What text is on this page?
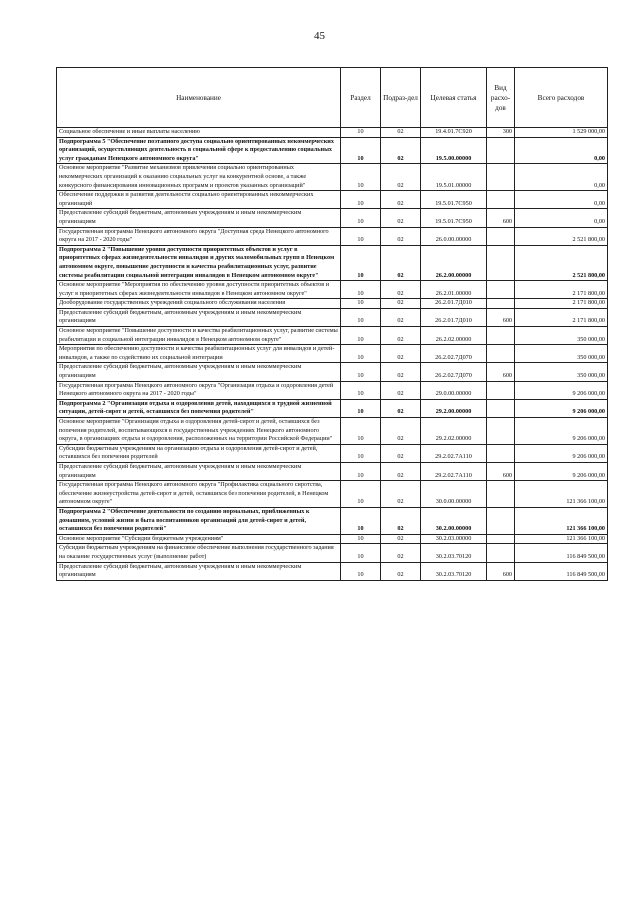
45
Наименование	Раздел	Подраз-дел	Целевая статья	Вид расхо-дов	Всего расходов
Социальное обеспечение и иные выплаты населению	10	02	19.4.01.7С920	300	1 529 000,00
Подпрограмма 5 "Обеспечение поэтапного доступа социально ориентированных некоммерческих организаций, осуществляющих деятельность в социальной сфере к предоставлению социальных услуг гражданам Ненецкого автономного округа"	10	02	19.5.00.00000		0,00
Основное мероприятие "Развитие механизмов привлечения социально ориентированных некоммерческих организаций к оказанию социальных услуг на конкурентной основе, а также конкурсного финансирования инновационных программ и проектов указанных организаций"	10	02	19.5.01.00000		0,00
Обеспечение поддержки и развития деятельности социально ориентированных некоммерческих организаций	10	02	19.5.01.7С950		0,00
Предоставление субсидий бюджетным, автономным учреждениям и иным некоммерческим организациям	10	02	19.5.01.7С950	600	0,00
Государственная программа Ненецкого автономного округа "Доступная среда Ненецкого автономного округа на 2017 - 2020 годы"	10	02	26.0.00.00000		2 521 800,00
Подпрограмма 2 "Повышение уровня доступности приоритетных объектов и услуг в приоритетных сферах жизнедеятельности инвалидов и других маломобильных групп в Ненецком автономном округе, повышение доступности и качества реабилитационных услуг, развитие системы реабилитации социальной интеграции инвалидов в Ненецком автономном округе"	10	02	26.2.00.00000		2 521 800,00
Основное мероприятие "Мероприятия по обеспечению уровня доступности приоритетных объектов и услуг в приоритетных сферах жизнедеятельности инвалидов в Ненецком автономном округе"	10	02	26.2.01.00000		2 171 800,00
Дооборудование государственных учреждений социального обслуживания населения	10	02	26.2.01.7Д010		2 171 800,00
Предоставление субсидий бюджетным, автономным учреждениям и иным некоммерческим организациям	10	02	26.2.01.7Д010	600	2 171 800,00
Основное мероприятие "Повышение доступности и качества реабилитационных услуг, развитие системы реабилитации и социальной интеграции инвалидов в Ненецком автономном округе"	10	02	26.2.02.00000		350 000,00
Мероприятия по обеспечению доступности и качества реабилитационных услуг для инвалидов и детей-инвалидов, а также по содействию их социальной интеграции	10	02	26.2.02.7Д070		350 000,00
Предоставление субсидий бюджетным, автономным учреждениям и иным некоммерческим организациям	10	02	26.2.02.7Д070	600	350 000,00
Государственная программа Ненецкого автономного округа "Организация отдыха и оздоровления детей Ненецкого автономного округа на 2017 - 2020 годы"	10	02	29.0.00.00000		9 206 000,00
Подпрограмма 2 "Организация отдыха и оздоровления детей, находящихся в трудной жизненной ситуации, детей-сирот и детей, оставшихся без попечения родителей"	10	02	29.2.00.00000		9 206 000,00
Основное мероприятие "Организация отдыха и оздоровления детей-сирот и детей, оставшихся без попечения родителей, воспитывающихся в государственных учреждениях Ненецкого автономного округа, в организациях отдыха и оздоровления, расположенных на территории Российской Федерации"	10	02	29.2.02.00000		9 206 000,00
Субсидии бюджетным учреждениям на организацию отдыха и оздоровления детей-сирот и детей, оставшихся без попечения родителей	10	02	29.2.02.7А110		9 206 000,00
Предоставление субсидий бюджетным, автономным учреждениям и иным некоммерческим организациям	10	02	29.2.02.7А110	600	9 206 000,00
Государственная программа Ненецкого автономного округа "Профилактика социального сиротства, обеспечение жизнеустройства детей-сирот и детей, оставшихся без попечения родителей, в Ненецком автономном округе"	10	02	30.0.00.00000		121 366 100,00
Подпрограмма 2 "Обеспечение деятельности по созданию нормальных, приближенных к домашним, условий жизни и быта воспитанников организаций для детей-сирот и детей, оставшихся без попечения родителей"	10	02	30.2.00.00000		121 366 100,00
Основное мероприятие "Субсидии бюджетным учреждениям"	10	02	30.2.03.00000		121 366 100,00
Субсидии бюджетным учреждениям на финансовое обеспечение выполнения государственного задания на оказание государственных услуг (выполнение работ)	10	02	30.2.03.70120		116 849 500,00
Предоставление субсидий бюджетным, автономным учреждениям и иным некоммерческим организациям	10	02	30.2.03.70120	600	116 849 500,00
